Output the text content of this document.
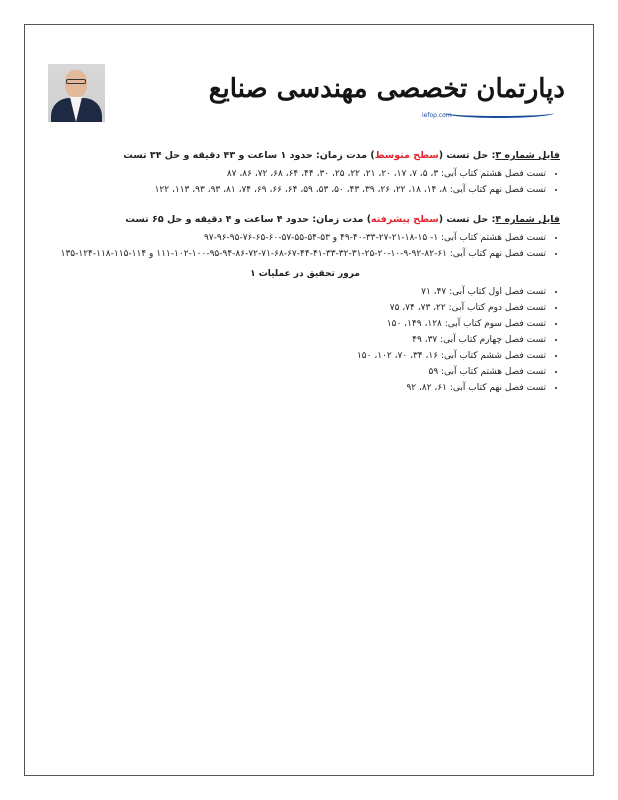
دپارتمان تخصصی مهندسی صنایع
iefop.com
فایل شماره ۳: حل تست (سطح متوسط) مدت زمان: حدود ۱ ساعت و ۴۳ دقیقه و حل ۳۴ تست
• تست فصل هشتم کتاب آبی: ۳، ۵، ۷، ۱۷، ۲۰، ۲۱، ۲۲، ۲۵، ۳۰، ۴۴، ۶۴، ۶۸، ۷۲، ۸۶، ۸۷
• تست فصل نهم کتاب آبی: ۸، ۱۴، ۱۸، ۲۲، ۲۶، ۳۹، ۴۳، ۵۰، ۵۳، ۵۹، ۶۴، ۶۶، ۶۹، ۷۴، ۸۱، ۹۳، ۹۳، ۱۱۳، ۱۲۲
فایل شماره ۴: حل تست (سطح پیشرفته) مدت زمان: حدود ۴ ساعت و ۴ دقیقه و حل ۶۵ تست
• تست فصل هشتم کتاب آبی: ۱- ۱۵-۱۸-۲۱-۲۷-۳۳-۴۰-۴۹ و ۵۳-۵۴-۵۵-۵۷-۶۰-۶۵-۷۶-۹۵-۹۶-۹۷
• تست فصل نهم کتاب آبی: ۶۱-۸۲-۹۲-۹-۱۰-۲۰-۲۵-۳۱-۳۲-۳۳-۴۱-۴۴-۶۷-۶۸-۷۱-۷۲-۸۶-۹۴-۹۵-۱۰۰-۱۰۲-۱۱۱ و ۱۱۴-۱۱۵-۱۱۸-۱۲۴-۱۳۵
مرور تحقیق در عملیات ۱
• تست فصل اول کتاب آبی: ۴۷، ۷۱
• تست فصل دوم کتاب آبی: ۲۲، ۷۳، ۷۴، ۷۵
• تست فصل سوم کتاب آبی: ۱۲۸، ۱۴۹، ۱۵۰
• تست فصل چهارم کتاب آبی: ۳۷، ۴۹
• تست فصل ششم کتاب آبی: ۱۶، ۳۴، ۷۰، ۱۰۲، ۱۵۰
• تست فصل هشتم کتاب آبی: ۵۹
• تست فصل نهم کتاب آبی: ۶۱، ۸۲، ۹۲
